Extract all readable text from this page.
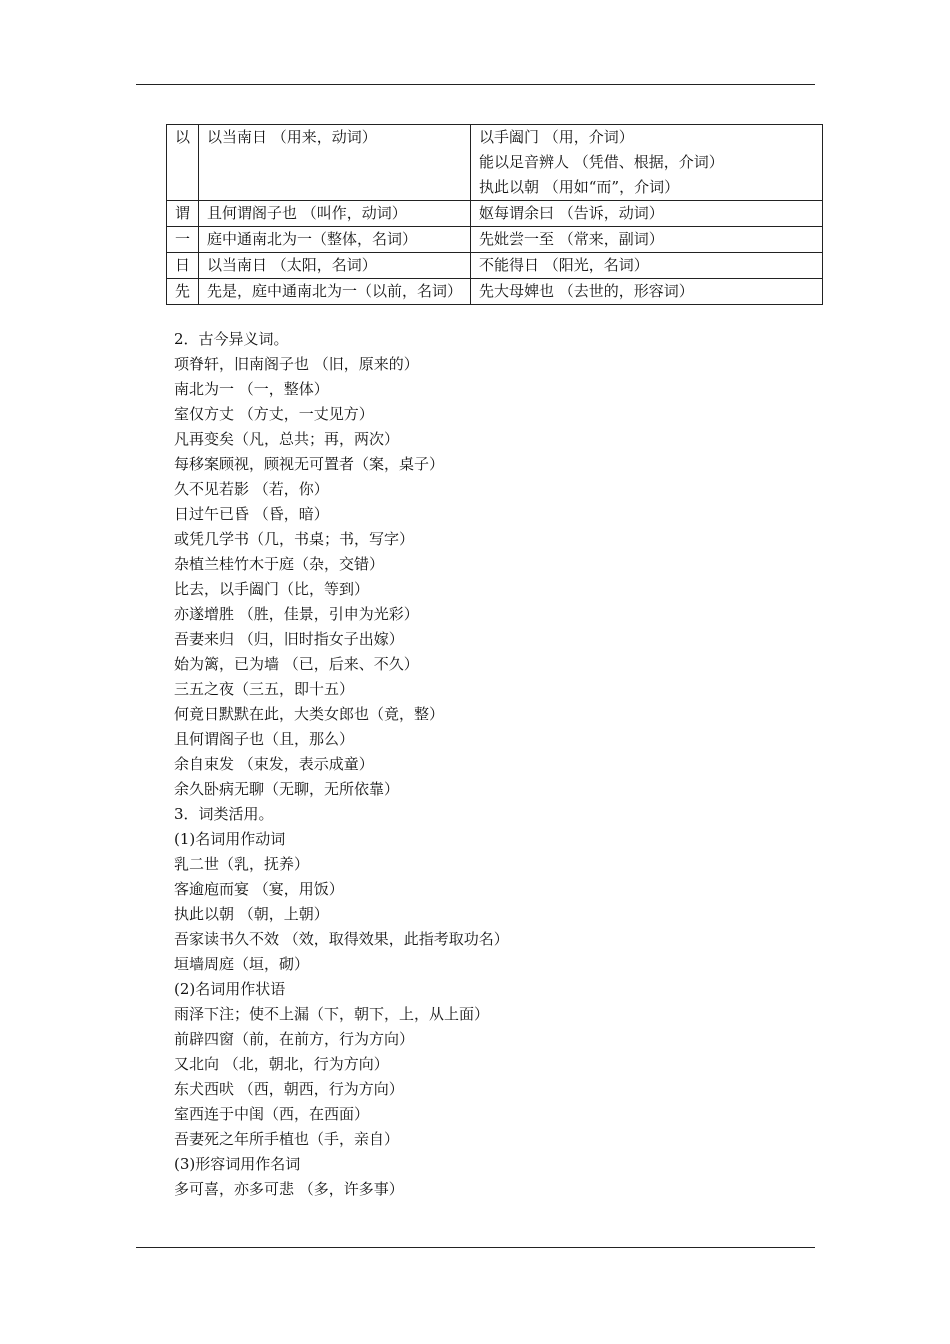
以	以当南日 （用来，动词）	以手阖门 （用，介词）
能以足音辨人 （凭借、根据，介词）
执此以朝 （用如“而”，介词）

谓	且何谓阁子也 （叫作，动词）	妪每谓余曰 （告诉，动词）

一	庭中通南北为一（整体，名词）	先妣尝一至 （常来，副词）

日	以当南日 （太阳，名词）	不能得日 （阳光，名词）

先	先是，庭中通南北为一（以前，名词）	先大母婢也 （去世的，形容词）
2．古今异义词。
项脊轩，旧南阁子也 （旧，原来的）
南北为一 （一，整体）
室仅方丈 （方丈，一丈见方）
凡再变矣（凡，总共；再，两次）
每移案顾视，顾视无可置者（案，桌子）
久不见若影 （若，你）
日过午已昏 （昏，暗）
或凭几学书（几，书桌；书，写字）
杂植兰桂竹木于庭（杂，交错）
比去，以手阖门（比，等到）
亦遂增胜 （胜，佳景，引申为光彩）
吾妻来归 （归，旧时指女子出嫁）
始为篱，已为墙 （已，后来、不久）
三五之夜（三五，即十五）
何竟日默默在此，大类女郎也（竟，整）
且何谓阁子也（且，那么）
余自束发 （束发，表示成童）
余久卧病无聊（无聊，无所依靠）
3．词类活用。
(1)名词用作动词
乳二世（乳，抚养）
客逾庖而宴 （宴，用饭）
执此以朝 （朝，上朝）
吾家读书久不效 （效，取得效果，此指考取功名）
垣墙周庭（垣，砌）
(2)名词用作状语
雨泽下注；使不上漏（下，朝下，上，从上面）
前辟四窗（前，在前方，行为方向）
又北向 （北，朝北，行为方向）
东犬西吠 （西，朝西，行为方向）
室西连于中闺（西，在西面）
吾妻死之年所手植也（手，亲自）
(3)形容词用作名词
多可喜，亦多可悲 （多，许多事）
